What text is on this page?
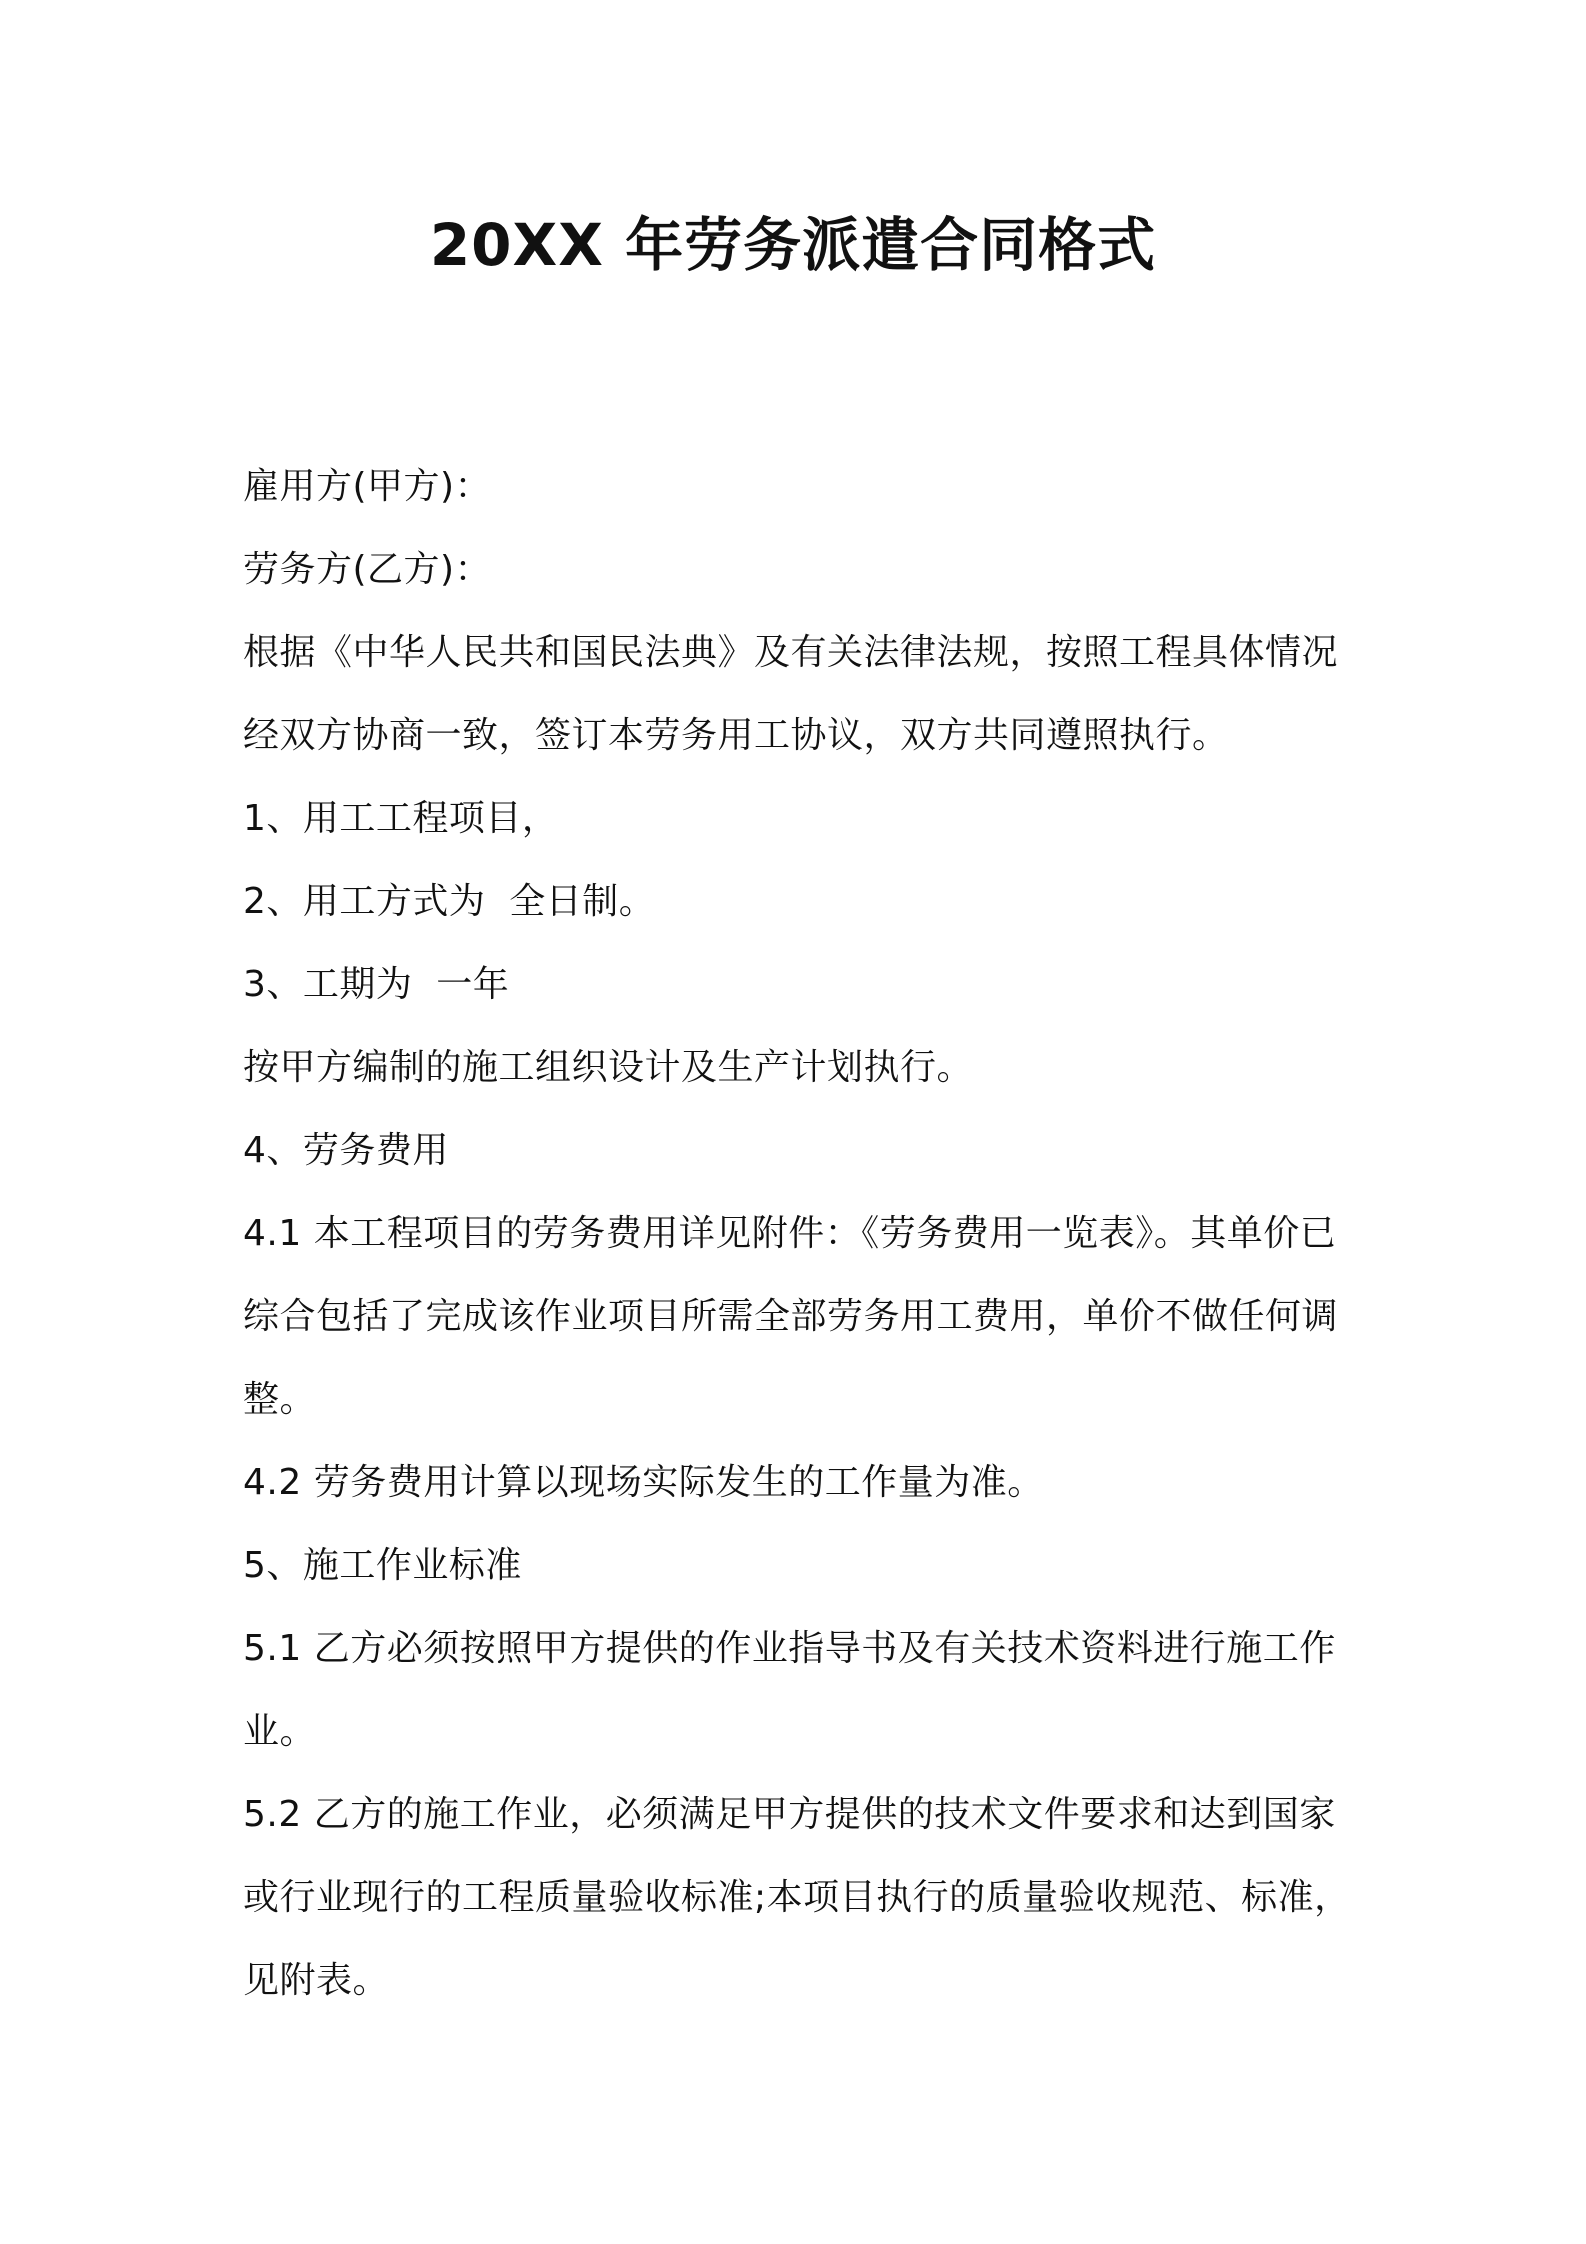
20XX 年劳务派遣合同格式
雇用方(甲方)：
劳务方(乙方)：
根据《中华人民共和国民法典》及有关法律法规，按照工程具体情况
经双方协商一致，签订本劳务用工协议，双方共同遵照执行。
1、用工工程项目，
2、用工方式为  全日制。
3、工期为  一年
按甲方编制的施工组织设计及生产计划执行。
4、劳务费用
4.1 本工程项目的劳务费用详见附件：《劳务费用一览表》。其单价已
综合包括了完成该作业项目所需全部劳务用工费用，单价不做任何调
整。
4.2 劳务费用计算以现场实际发生的工作量为准。
5、施工作业标准
5.1 乙方必须按照甲方提供的作业指导书及有关技术资料进行施工作
业。
5.2 乙方的施工作业，必须满足甲方提供的技术文件要求和达到国家
或行业现行的工程质量验收标准;本项目执行的质量验收规范、标准，
见附表。
